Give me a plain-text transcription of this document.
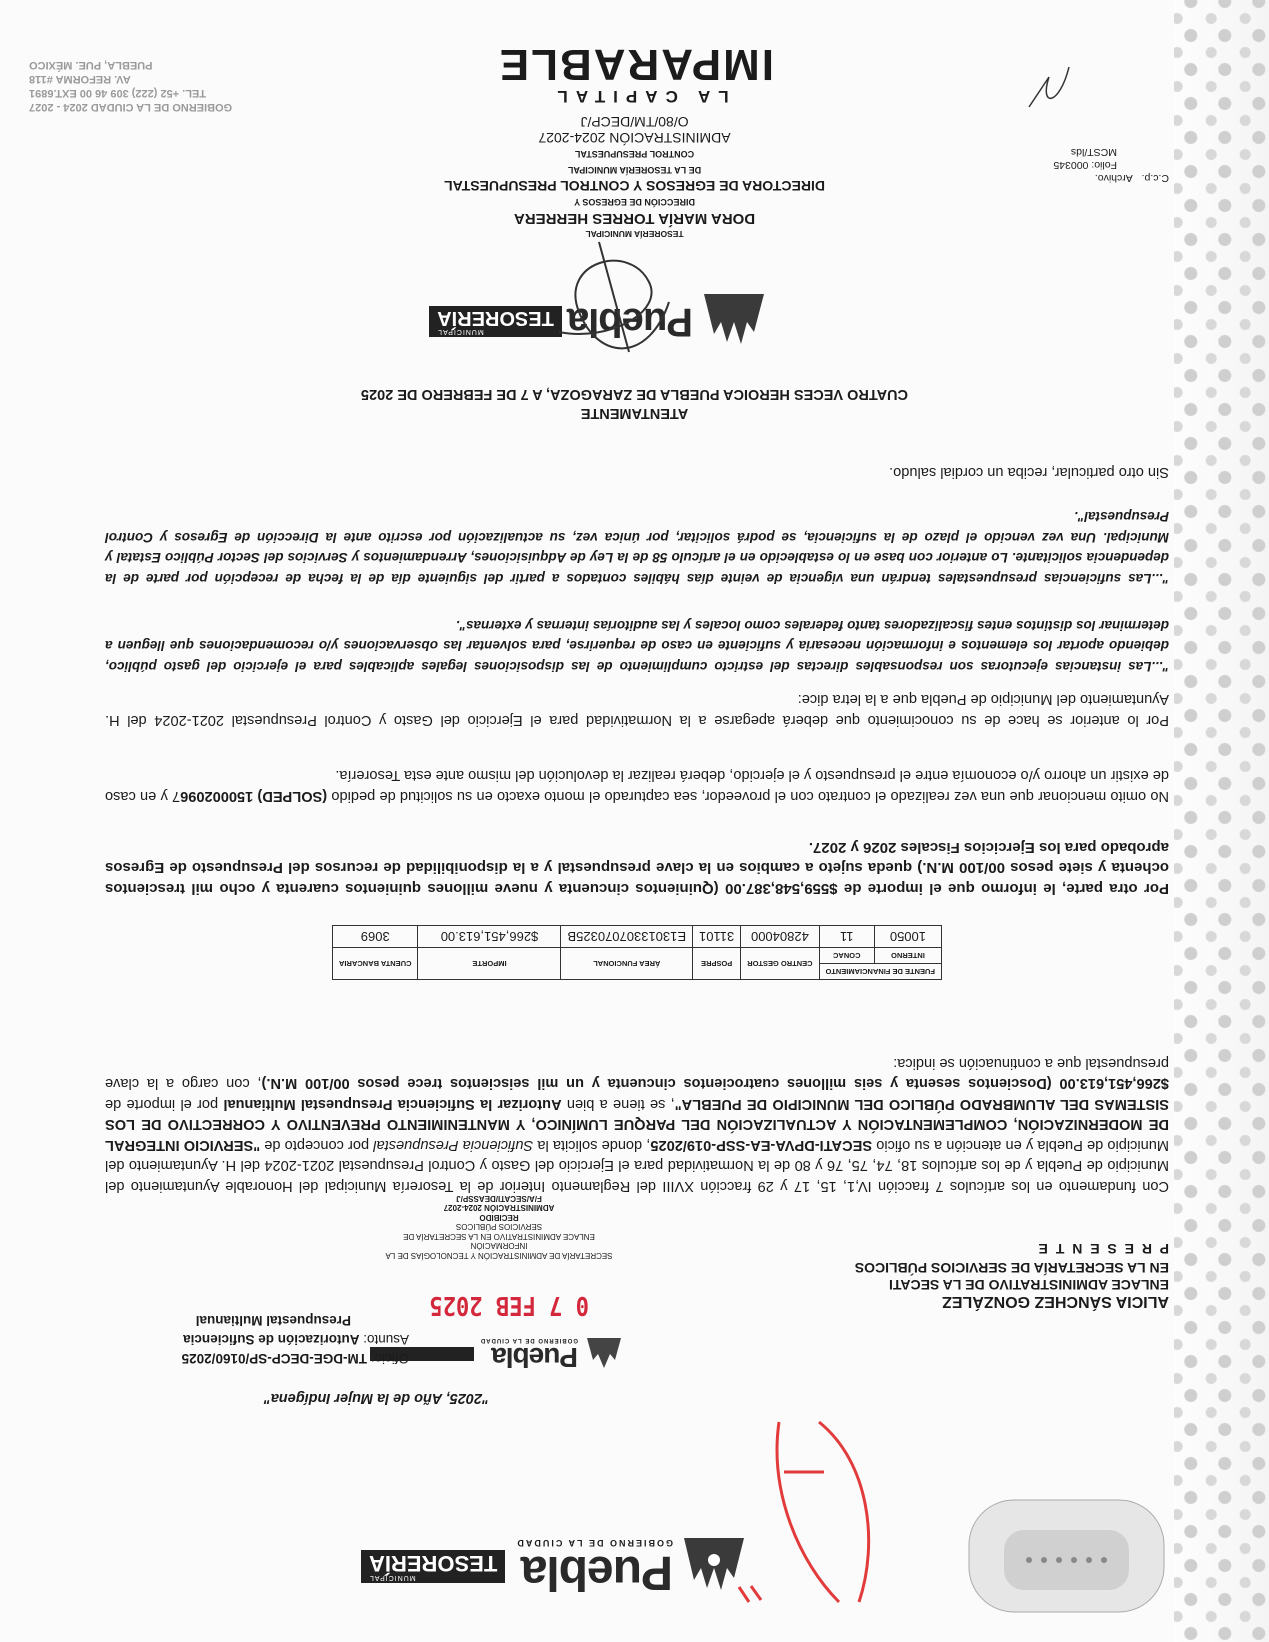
Puebla
GOBIERNO DE LA CIUDAD
MUNICIPAL
TESORERÍA
"2025, Año de la Mujer Indígena"
Puebla
GOBIERNO DE LA CIUDAD
Oficio: TM-DGE-DECP-SP/0160/2025
Asunto: Autorización de Suficiencia
Presupuestal Multianual
0 7 FEB 2025	ALICIA SÁNCHEZ GONZÁLEZ
ENLACE ADMINISTRATIVO DE LA SECATI
EN LA SECRETARÍA DE SERVICIOS PÚBLICOS
P R E S E N T E
SECRETARÍA DE ADMINISTRACIÓN Y TECNOLOGÍAS DE LA
INFORMACIÓN
ENLACE ADMINISTRATIVO EN LA SECRETARÍA DE
SERVICIOS PÚBLICOS
RECIBIDO
ADMINISTRACIÓN 2024-2027
F/A/SECATI/DEASSP/J
Con fundamento en los artículos 7 fracción IV,1, 15, 17 y 29 fracción XVIII del Reglamento Interior de la Tesorería Municipal del Honorable Ayuntamiento del Municipio de Puebla y de los artículos 18, 74, 75, 76 y 80 de la Normatividad para el Ejercicio del Gasto y Control Presupuestal 2021-2024 del H. Ayuntamiento del Municipio de Puebla y en atención a su oficio SECATI-DPVA-EA-SSP-019/2025, donde solicita la Suficiencia Presupuestal por concepto de "SERVICIO INTEGRAL DE MODERNIZACIÓN, COMPLEMENTACIÓN Y ACTUALIZACIÓN DEL PARQUE LUMÍNICO, Y MANTENIMIENTO PREVENTIVO Y CORRECTIVO DE LOS SISTEMAS DEL ALUMBRADO PÚBLICO DEL MUNICIPIO DE PUEBLA", se tiene a bien Autorizar la Suficiencia Presupuestal Multianual por el importe de $266,451,613.00 (Doscientos sesenta y seis millones cuatrocientos cincuenta y un mil seiscientos trece pesos 00/100 M.N.), con cargo a la clave presupuestal que a continuación se indica:
FUENTE DE FINANCIAMIENTO		CENTRO GESTOR	POSPRE	ÁREA FUNCIONAL	IMPORTE	CUENTA BANCARIA
INTERNO	CONAC					
10050	11	42804000	31101	E13013307070325B	$266,451,613.00	3069
Por otra parte, le informo que el importe de $559,548,387.00 (Quinientos cincuenta y nueve millones quinientos cuarenta y ocho mil trescientos ochenta y siete pesos 00/100 M.N.) queda sujeto a cambios en la clave presupuestal y a la disponibilidad de recursos del Presupuesto de Egresos aprobado para los Ejercicios Fiscales 2026 y 2027.
No omito mencionar que una vez realizado el contrato con el proveedor, sea capturado el monto exacto en su solicitud de pedido (SOLPED) 1500020967 y en caso de existir un ahorro y/o economía entre el presupuesto y el ejercido, deberá realizar la devolución del mismo ante esta Tesorería.
Por lo anterior se hace de su conocimiento que deberá apegarse a la Normatividad para el Ejercicio del Gasto y Control Presupuestal 2021-2024 del H. Ayuntamiento del Municipio de Puebla que a la letra dice:
"...Las instancias ejecutoras son responsables directas del estricto cumplimiento de las disposiciones legales aplicables para el ejercicio del gasto público, debiendo aportar los elementos e información necesaria y suficiente en caso de requerirse, para solventar las observaciones y/o recomendaciones que lleguen a determinar los distintos entes fiscalizadores tanto federales como locales y las auditorías internas y externas".
"...Las suficiencias presupuestales tendrán una vigencia de veinte días hábiles contados a partir del siguiente día de la fecha de recepción por parte de la dependencia solicitante. Lo anterior con base en lo establecido en el artículo 58 de la Ley de Adquisiciones, Arrendamientos y Servicios del Sector Público Estatal y Municipal. Una vez vencido el plazo de la suficiencia, se podrá solicitar, por única vez, su actualización por escrito ante la Dirección de Egresos y Control Presupuestal".
Sin otro particular, reciba un cordial saludo.
ATENTAMENTE
CUATRO VECES HEROICA PUEBLA DE ZARAGOZA, A 7 DE FEBRERO DE 2025
Puebla
MUNICIPAL
TESORERÍA
TESORERÍA MUNICIPAL
DORA MARÍA TORRES HERRERA
DIRECCIÓN DE EGRESOS Y
DIRECTORA DE EGRESOS Y CONTROL PRESUPUESTAL
DE LA TESORERÍA MUNICIPAL
CONTROL PRESUPUESTAL
ADMINISTRACIÓN 2024-2027
O/80/TM/DECP/J
LA CAPITAL
IMPARABLE
GOBIERNO DE LA CIUDAD 2024 - 2027
TEL. +52 (222) 309 46 00 EXT.6891
AV. REFORMA #118
PUEBLA, PUE. MÉXICO
C.c.p.   Archivo.
Folio: 000345
MCST/lds
